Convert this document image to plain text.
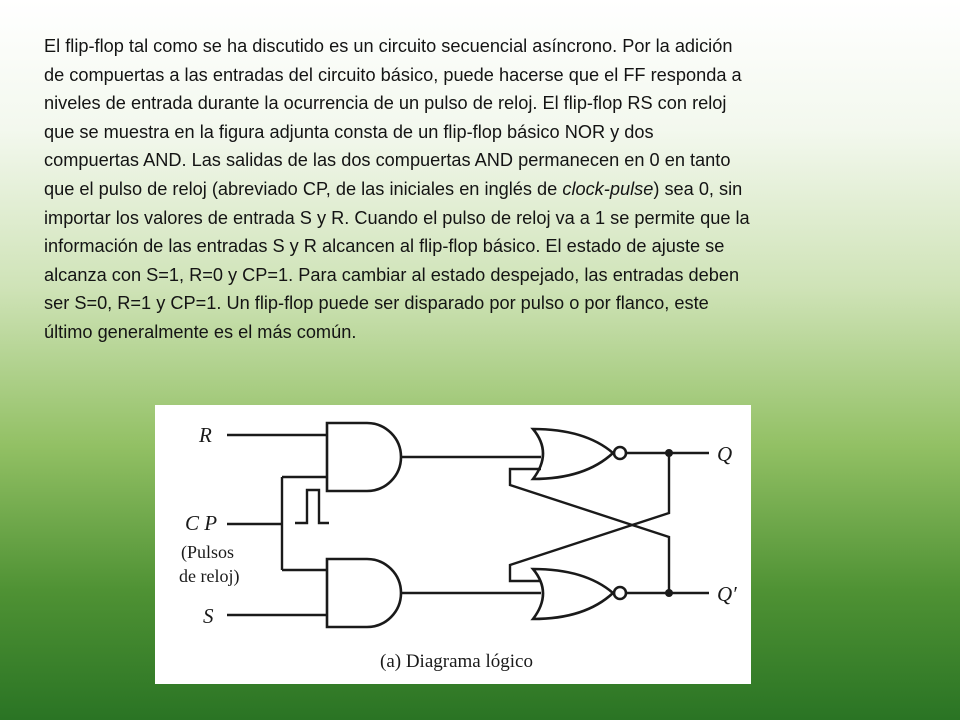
El flip-flop tal como se ha discutido es un circuito secuencial asíncrono. Por la adición
de compuertas a las entradas del circuito básico, puede hacerse que el FF responda a
niveles de entrada durante la ocurrencia de un pulso de reloj. El flip-flop RS con reloj
que se muestra en la figura adjunta consta de un flip-flop básico NOR y dos
compuertas AND. Las salidas de las dos compuertas AND permanecen en 0 en tanto
que el pulso de reloj (abreviado CP, de las iniciales en inglés de clock-pulse) sea 0, sin
importar los valores de entrada S y R. Cuando el pulso de reloj va a 1 se permite que la
información de las entradas S y R alcancen al flip-flop básico. El estado de ajuste se
alcanza con S=1, R=0 y CP=1. Para cambiar al estado despejado, las entradas deben
ser S=0, R=1 y CP=1. Un flip-flop puede ser disparado por pulso o por flanco, este
último generalmente es el más común.
R
C P
(Pulsos
de reloj)
S
Q
Q′
(a) Diagrama lógico
